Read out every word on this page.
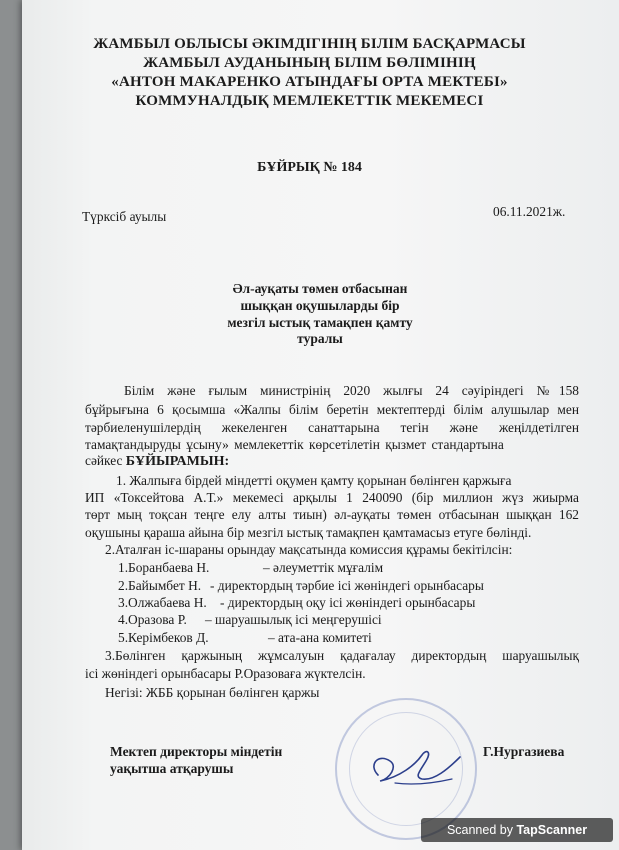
ЖАМБЫЛ ОБЛЫСЫ ӘКІМДІГІНІҢ БІЛІМ БАСҚАРМАСЫ

ЖАМБЫЛ АУДАНЫНЫҢ БІЛІМ БӨЛІМІНІҢ

«АНТОН МАКАРЕНКО АТЫНДАҒЫ ОРТА МЕКТЕБІ»

КОММУНАЛДЫҚ МЕМЛЕКЕТТІК МЕКЕМЕСІ

БҰЙРЫҚ № 184

Түрксіб ауылы	06.11.2021ж.

Әл-ауқаты төмен отбасынан

шыққан оқушыларды бір

мезгіл ыстық тамақпен қамту

туралы

Білім және ғылым министрінің 2020 жылғы 24 сәуіріндегі №158

бұйрығына 6 қосымша «Жалпы білім беретін мектептерді білім алушылар мен

тәрбиеленушілердің жекеленген санаттарына тегін және жеңілдетілген

тамақтандыруды ұсыну» мемлекеттік көрсетілетін қызмет стандартына

сәйкес БҰЙЫРАМЫН:

1. Жалпыға бірдей міндетті оқумен қамту қорынан бөлінген қаржыға

ИП «Токсейтова А.Т.» мекемесі арқылы 1 240090 (бір миллион жүз жиырма

төрт мың тоқсан теңге елу алты тиын) әл-ауқаты төмен отбасынан шыққан 162

оқушыны қараша айына бір мезгіл ыстық тамақпен қамтамасыз етуге бөлінді.

2.Аталған іс-шараны орындау мақсатында комиссия құрамы бекітілсін:

1.Боранбаева Н.	– әлеуметтік мұғалім

2.Байымбет Н. - директордың тәрбие ісі жөніндегі орынбасары

3.Олжабаева Н. - директордың оқу ісі жөніндегі орынбасары

4.Оразова Р. – шаруашылық ісі меңгерушісі

5.Керімбеков Д.	– ата-ана комитеті

3.Бөлінген қаржының жұмсалуын қадағалау директордың шаруашылық

ісі жөніндегі орынбасары Р.Оразоваға жүктелсін.

Негізі: ЖББ қорынан бөлінген қаржы

Мектеп директоры міндетін

уақытша атқарушы

Г.Нургазиева

Scanned by TapScanner
